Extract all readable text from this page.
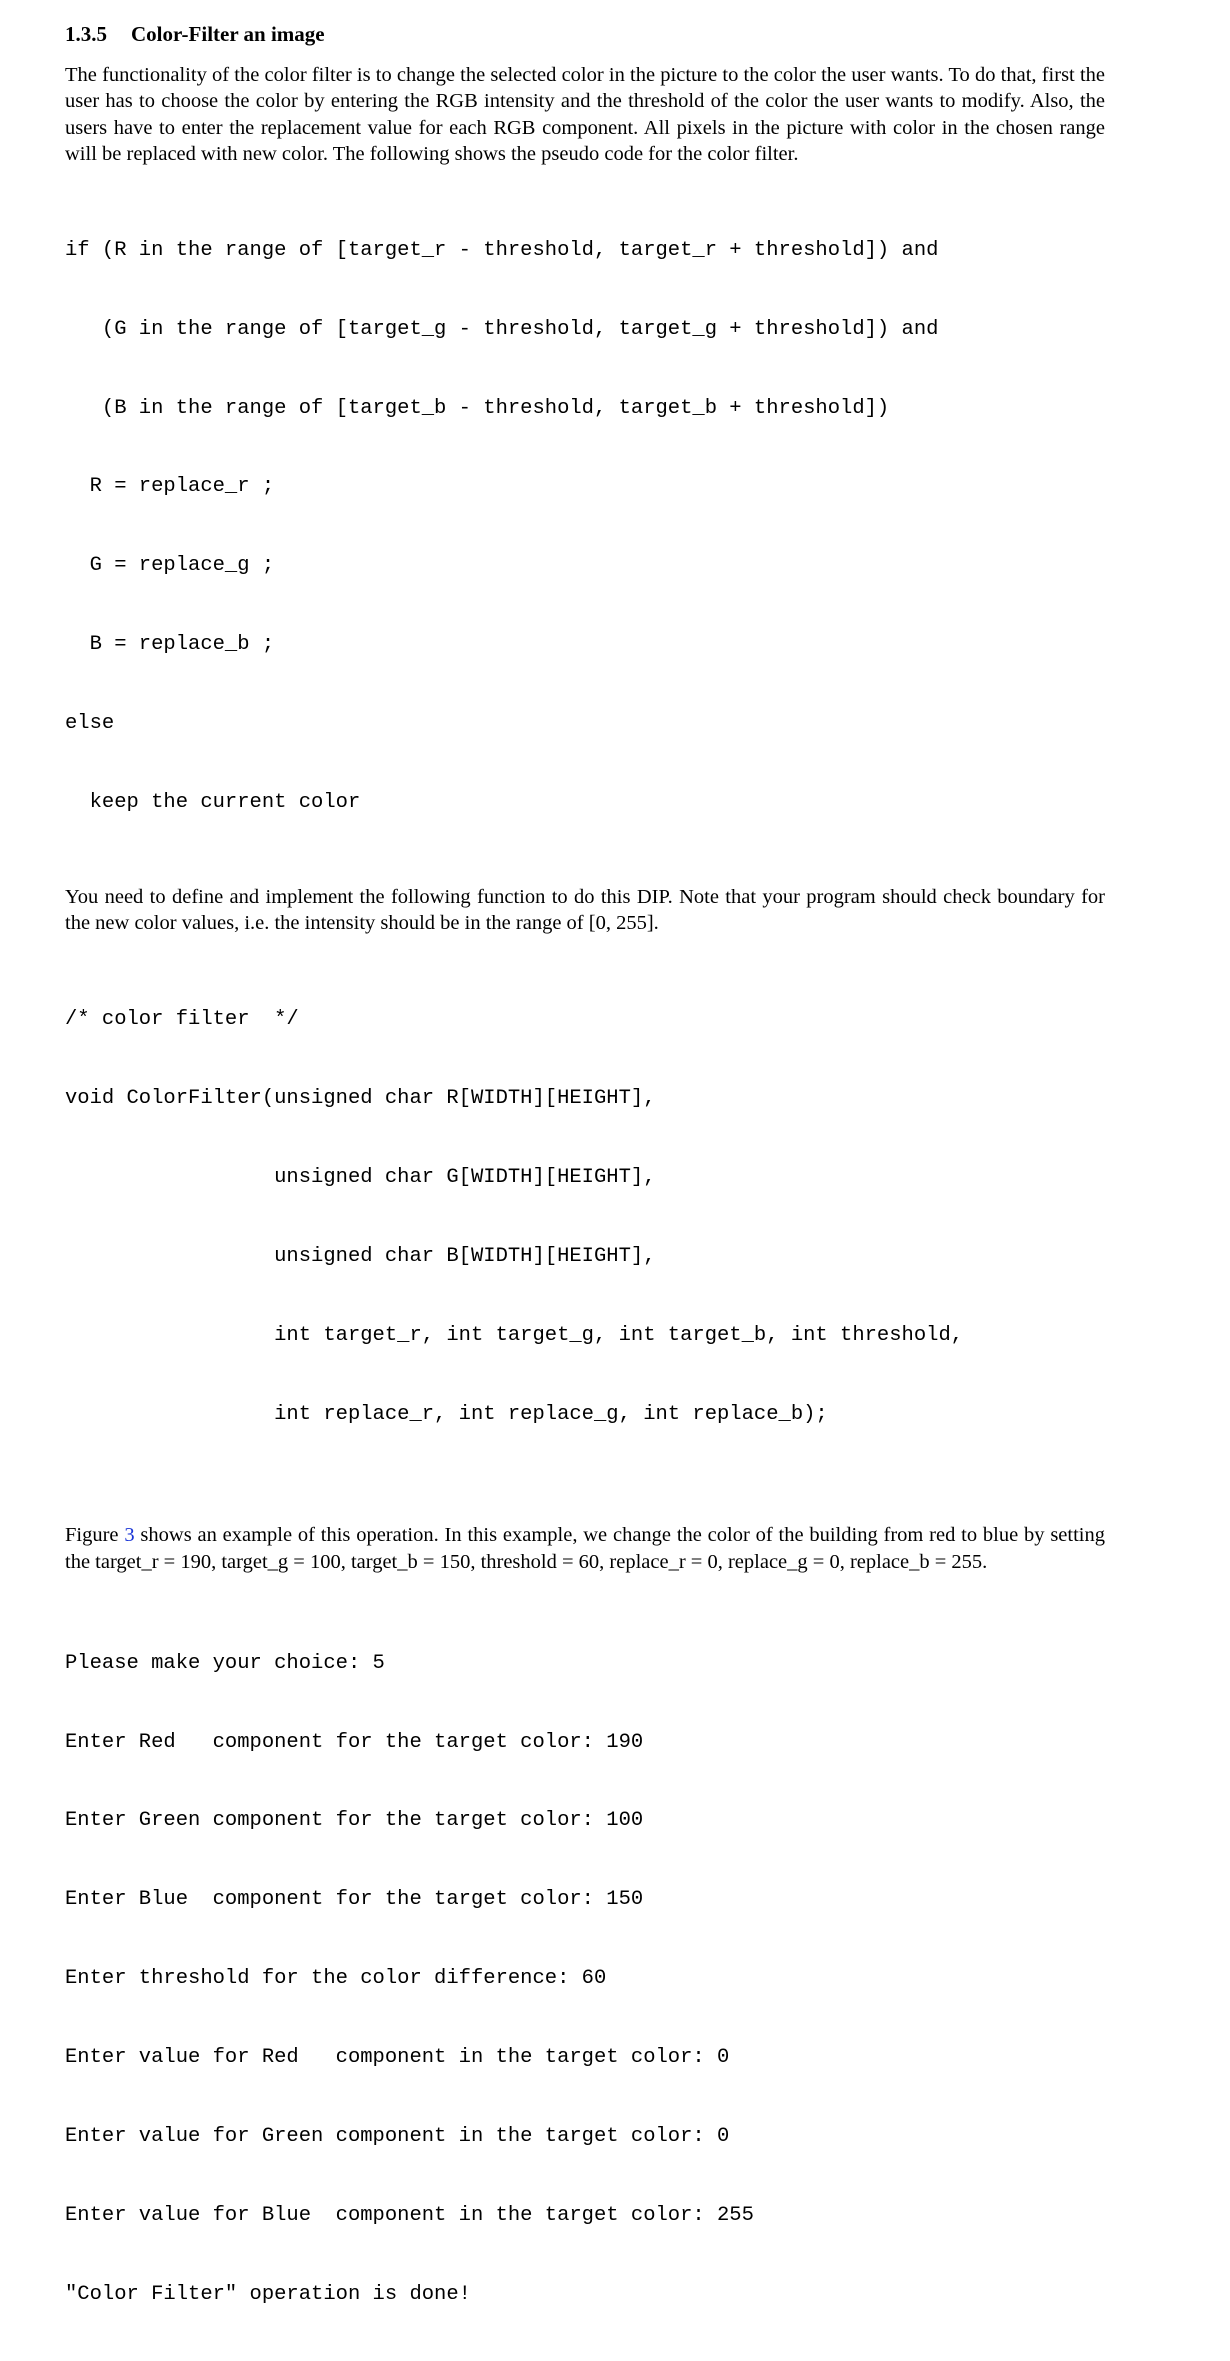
1.3.5 Color-Filter an image

The functionality of the color filter is to change the selected color in the picture to the color the user wants. To do that, first the user has to choose the color by entering the RGB intensity and the threshold of the color the user wants to modify. Also, the users have to enter the replacement value for each RGB component. All pixels in the picture with color in the chosen range will be replaced with new color. The following shows the pseudo code for the color filter.

if (R in the range of [target_r - threshold, target_r + threshold]) and

(G in the range of [target_g - threshold, target_g + threshold]) and

(B in the range of [target_b - threshold, target_b + threshold])

R = replace_r ;

G = replace_g ;

B = replace_b ;

else

keep the current color

You need to define and implement the following function to do this DIP. Note that your program should check boundary for the new color values, i.e. the intensity should be in the range of [0, 255].

/* color filter  */

void ColorFilter(unsigned char R[WIDTH][HEIGHT],

unsigned char G[WIDTH][HEIGHT],

unsigned char B[WIDTH][HEIGHT],

int target_r, int target_g, int target_b, int threshold,

int replace_r, int replace_g, int replace_b);

Figure 3 shows an example of this operation. In this example, we change the color of the building from red to blue by setting the target_r = 190, target_g = 100, target_b = 150, threshold = 60, replace_r = 0, replace_g = 0, replace_b = 255.

Please make your choice: 5

Enter Red   component for the target color: 190

Enter Green component for the target color: 100

Enter Blue  component for the target color: 150

Enter threshold for the color difference: 60

Enter value for Red   component in the target color: 0

Enter value for Green component in the target color: 0

Enter value for Blue  component in the target color: 255

"Color Filter" operation is done!
